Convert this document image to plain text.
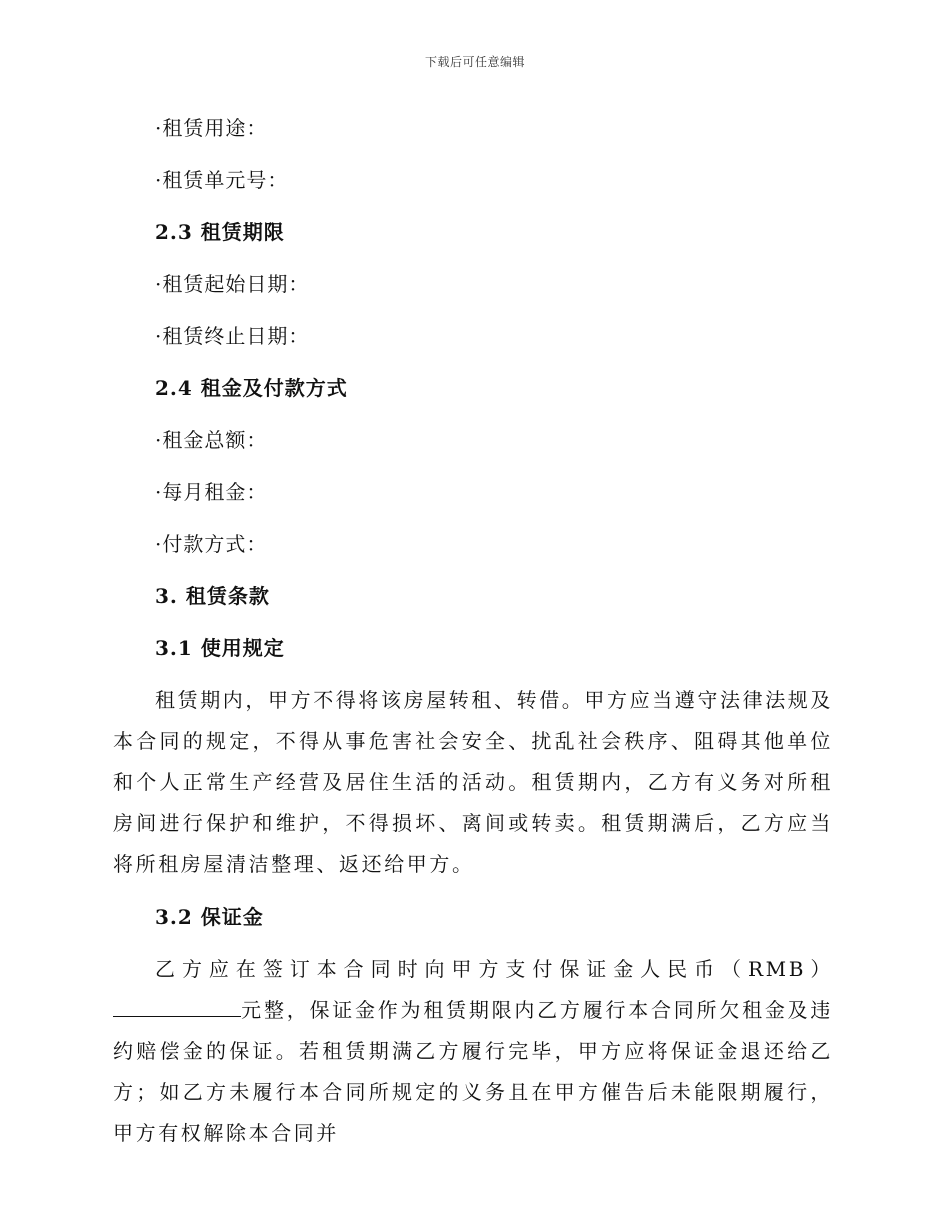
下载后可任意编辑
·租赁用途：
·租赁单元号：
2.3 租赁期限
·租赁起始日期：
·租赁终止日期：
2.4 租金及付款方式
·租金总额：
·每月租金：
·付款方式：
3. 租赁条款
3.1 使用规定
租赁期内，甲方不得将该房屋转租、转借。甲方应当遵守法律法规及本合同的规定，不得从事危害社会安全、扰乱社会秩序、阻碍其他单位和个人正常生产经营及居住生活的活动。租赁期内，乙方有义务对所租房间进行保护和维护，不得损坏、离间或转卖。租赁期满后，乙方应当将所租房屋清洁整理、返还给甲方。
3.2 保证金
乙方应在签订本合同时向甲方支付保证金人民币（RMB）元整，保证金作为租赁期限内乙方履行本合同所欠租金及违约赔偿金的保证。若租赁期满乙方履行完毕，甲方应将保证金退还给乙方；如乙方未履行本合同所规定的义务且在甲方催告后未能限期履行，甲方有权解除本合同并
